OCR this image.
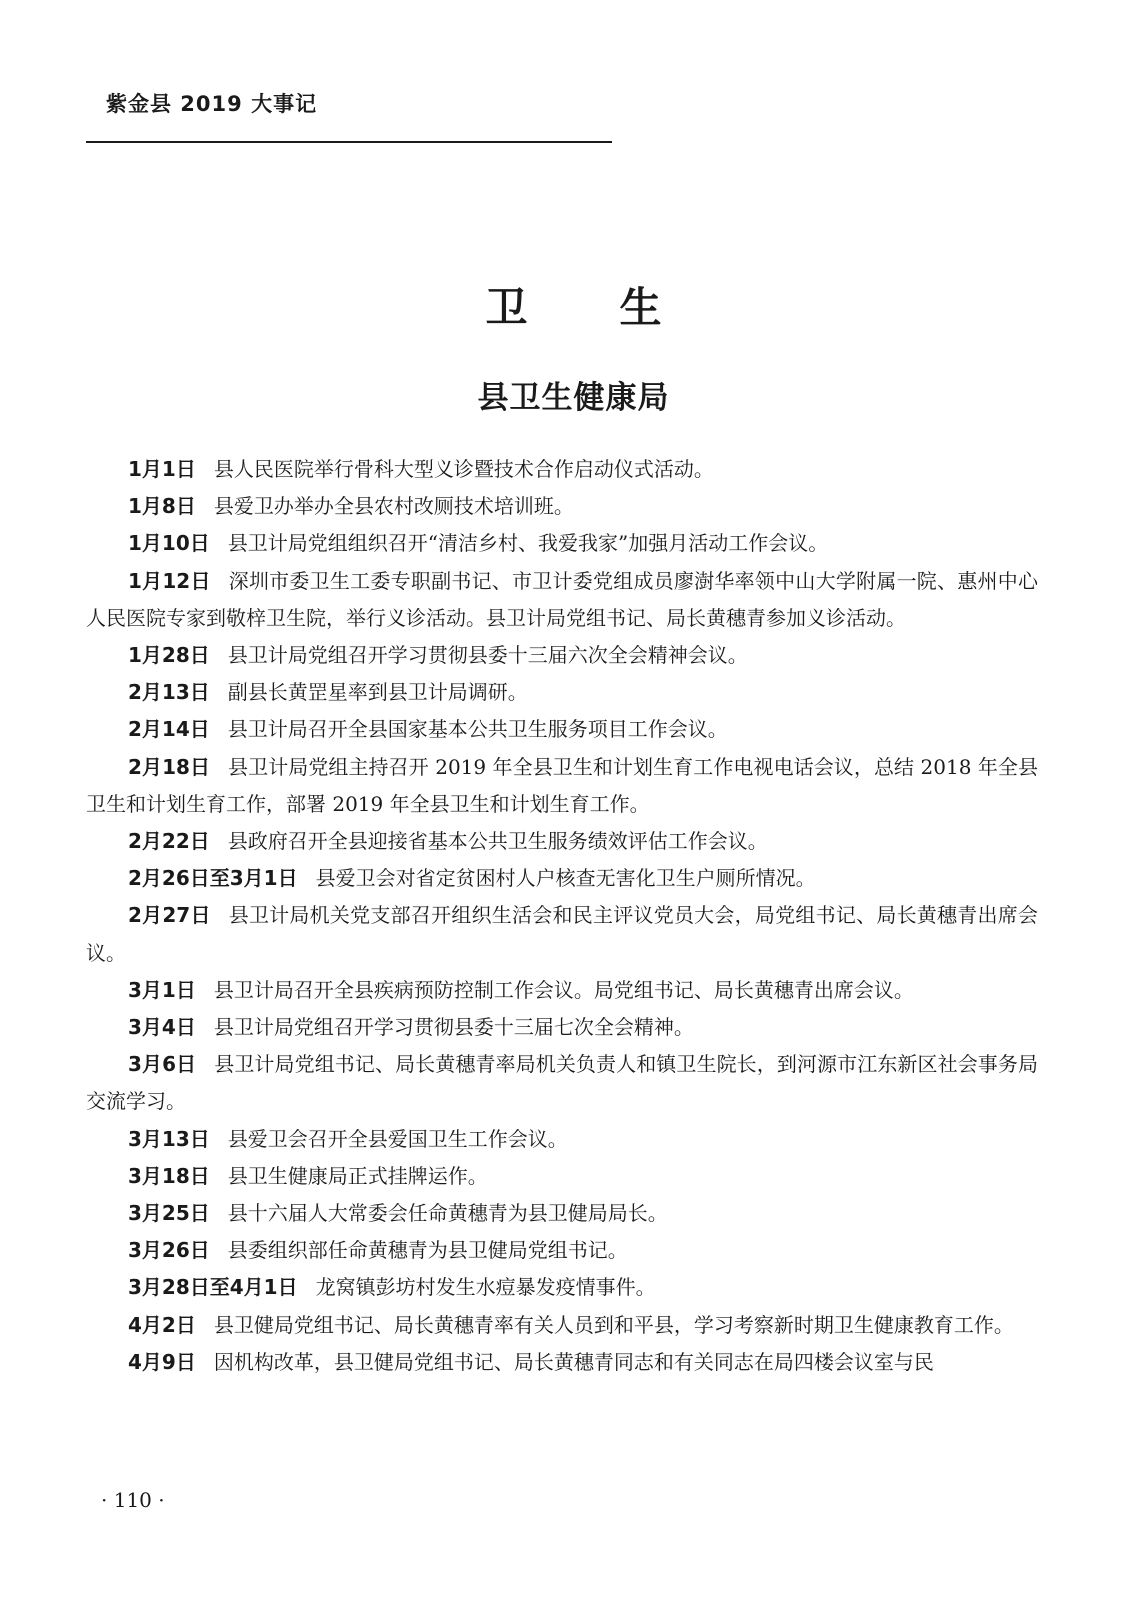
紫金县 2019 大事记
卫生
县卫生健康局

1月1日 县人民医院举行骨科大型义诊暨技术合作启动仪式活动。

1月8日 县爱卫办举办全县农村改厕技术培训班。

1月10日 县卫计局党组组织召开“清洁乡村、我爱我家”加强月活动工作会议。

1月12日 深圳市委卫生工委专职副书记、市卫计委党组成员廖澍华率领中山大学附属一院、惠州中心人民医院专家到敬梓卫生院，举行义诊活动。县卫计局党组书记、局长黄穗青参加义诊活动。

1月28日 县卫计局党组召开学习贯彻县委十三届六次全会精神会议。

2月13日 副县长黄罡星率到县卫计局调研。

2月14日 县卫计局召开全县国家基本公共卫生服务项目工作会议。

2月18日 县卫计局党组主持召开 2019 年全县卫生和计划生育工作电视电话会议，总结 2018 年全县卫生和计划生育工作，部署 2019 年全县卫生和计划生育工作。

2月22日 县政府召开全县迎接省基本公共卫生服务绩效评估工作会议。

2月26日至3月1日 县爱卫会对省定贫困村人户核查无害化卫生户厕所情况。

2月27日 县卫计局机关党支部召开组织生活会和民主评议党员大会，局党组书记、局长黄穗青出席会议。

3月1日 县卫计局召开全县疾病预防控制工作会议。局党组书记、局长黄穗青出席会议。

3月4日 县卫计局党组召开学习贯彻县委十三届七次全会精神。

3月6日 县卫计局党组书记、局长黄穗青率局机关负责人和镇卫生院长，到河源市江东新区社会事务局交流学习。

3月13日 县爱卫会召开全县爱国卫生工作会议。

3月18日 县卫生健康局正式挂牌运作。

3月25日 县十六届人大常委会任命黄穗青为县卫健局局长。

3月26日 县委组织部任命黄穗青为县卫健局党组书记。

3月28日至4月1日 龙窝镇彭坊村发生水痘暴发疫情事件。

4月2日 县卫健局党组书记、局长黄穗青率有关人员到和平县，学习考察新时期卫生健康教育工作。

4月9日 因机构改革，县卫健局党组书记、局长黄穗青同志和有关同志在局四楼会议室与民

· 110 ·
